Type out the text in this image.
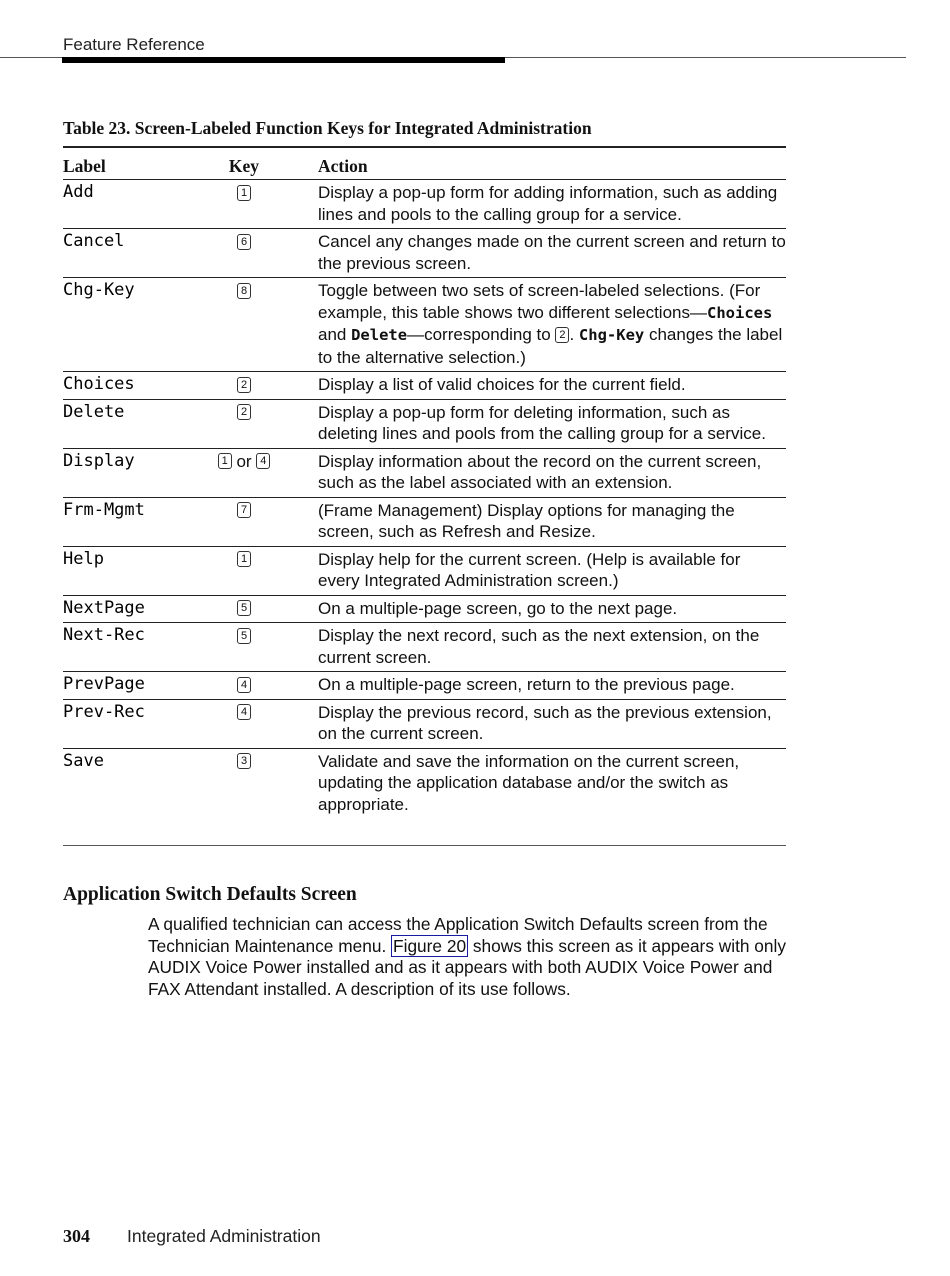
Feature Reference
Table 23. Screen-Labeled Function Keys for Integrated Administration
Label	Key	Action
Add	1	Display a pop-up form for adding information, such as adding lines and pools to the calling group for a service.
Cancel	6	Cancel any changes made on the current screen and return to the previous screen.
Chg-Key	8	Toggle between two sets of screen-labeled selections. (For example, this table shows two different selections—Choices and Delete—corresponding to 2 . Chg-Key changes the label to the alternative selection.)
Choices	2	Display a list of valid choices for the current field.
Delete	2	Display a pop-up form for deleting information, such as deleting lines and pools from the calling group for a service.
Display	1 or 4	Display information about the record on the current screen, such as the label associated with an extension.
Frm-Mgmt	7	(Frame Management) Display options for managing the screen, such as Refresh and Resize.
Help	1	Display help for the current screen. (Help is available for every Integrated Administration screen.)
NextPage	5	On a multiple-page screen, go to the next page.
Next-Rec	5	Display the next record, such as the next extension, on the current screen.
PrevPage	4	On a multiple-page screen, return to the previous page.
Prev-Rec	4	Display the previous record, such as the previous extension, on the current screen.
Save	3	Validate and save the information on the current screen, updating the application database and/or the switch as appropriate.
Application Switch Defaults Screen

A qualified technician can access the Application Switch Defaults screen from the Technician Maintenance menu. Figure 20 shows this screen as it appears with only AUDIX Voice Power installed and as it appears with both AUDIX Voice Power and FAX Attendant installed. A description of its use follows.

304 Integrated Administration
